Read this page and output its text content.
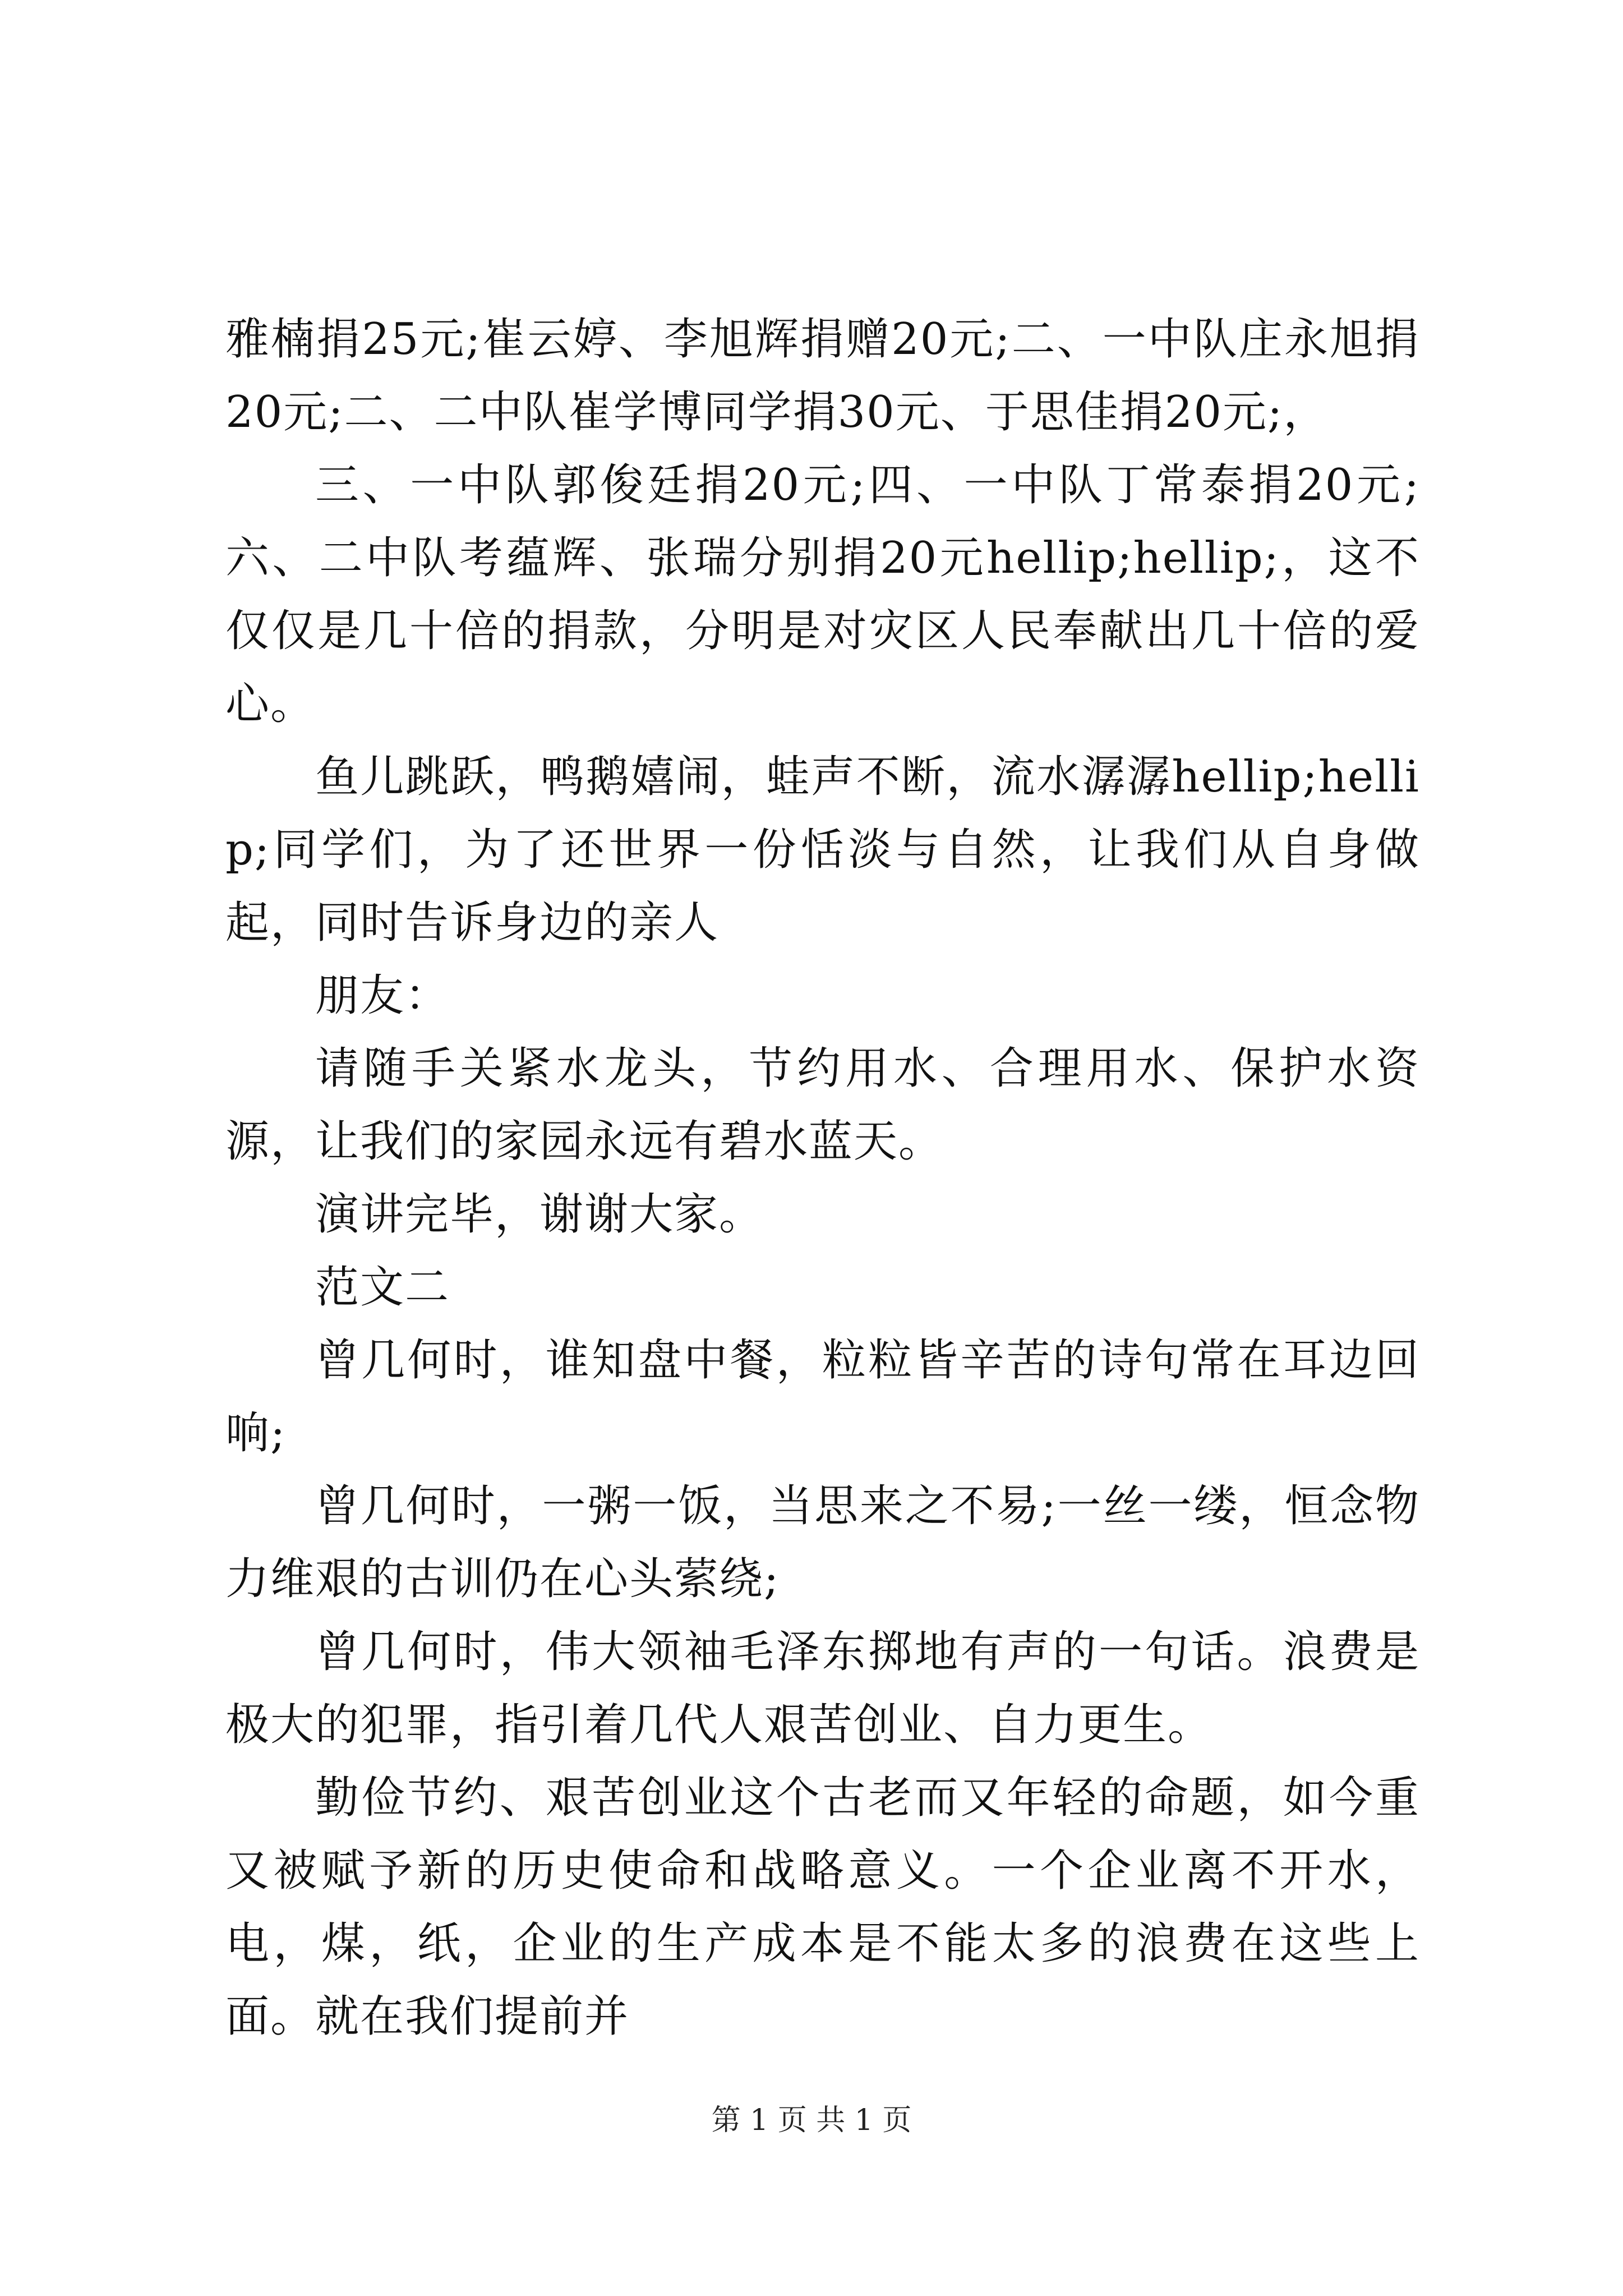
雅楠捐25元;崔云婷、李旭辉捐赠20元;二、一中队庄永旭捐20元;二、二中队崔学博同学捐30元、于思佳捐20元;，

三、一中队郭俊廷捐20元;四、一中队丁常泰捐20元;六、二中队考蕴辉、张瑞分别捐20元hellip;hellip;，这不仅仅是几十倍的捐款，分明是对灾区人民奉献出几十倍的爱心。

鱼儿跳跃，鸭鹅嬉闹，蛙声不断，流水潺潺hellip;hellip;同学们，为了还世界一份恬淡与自然，让我们从自身做起，同时告诉身边的亲人

朋友：

请随手关紧水龙头，节约用水、合理用水、保护水资源，让我们的家园永远有碧水蓝天。

演讲完毕，谢谢大家。

范文二

曾几何时，谁知盘中餐，粒粒皆辛苦的诗句常在耳边回响;

曾几何时，一粥一饭，当思来之不易;一丝一缕，恒念物力维艰的古训仍在心头萦绕;

曾几何时，伟大领袖毛泽东掷地有声的一句话。浪费是极大的犯罪，指引着几代人艰苦创业、自力更生。

勤俭节约、艰苦创业这个古老而又年轻的命题，如今重又被赋予新的历史使命和战略意义。一个企业离不开水，电，煤，纸，企业的生产成本是不能太多的浪费在这些上面。就在我们提前并

第 1 页 共 1 页
